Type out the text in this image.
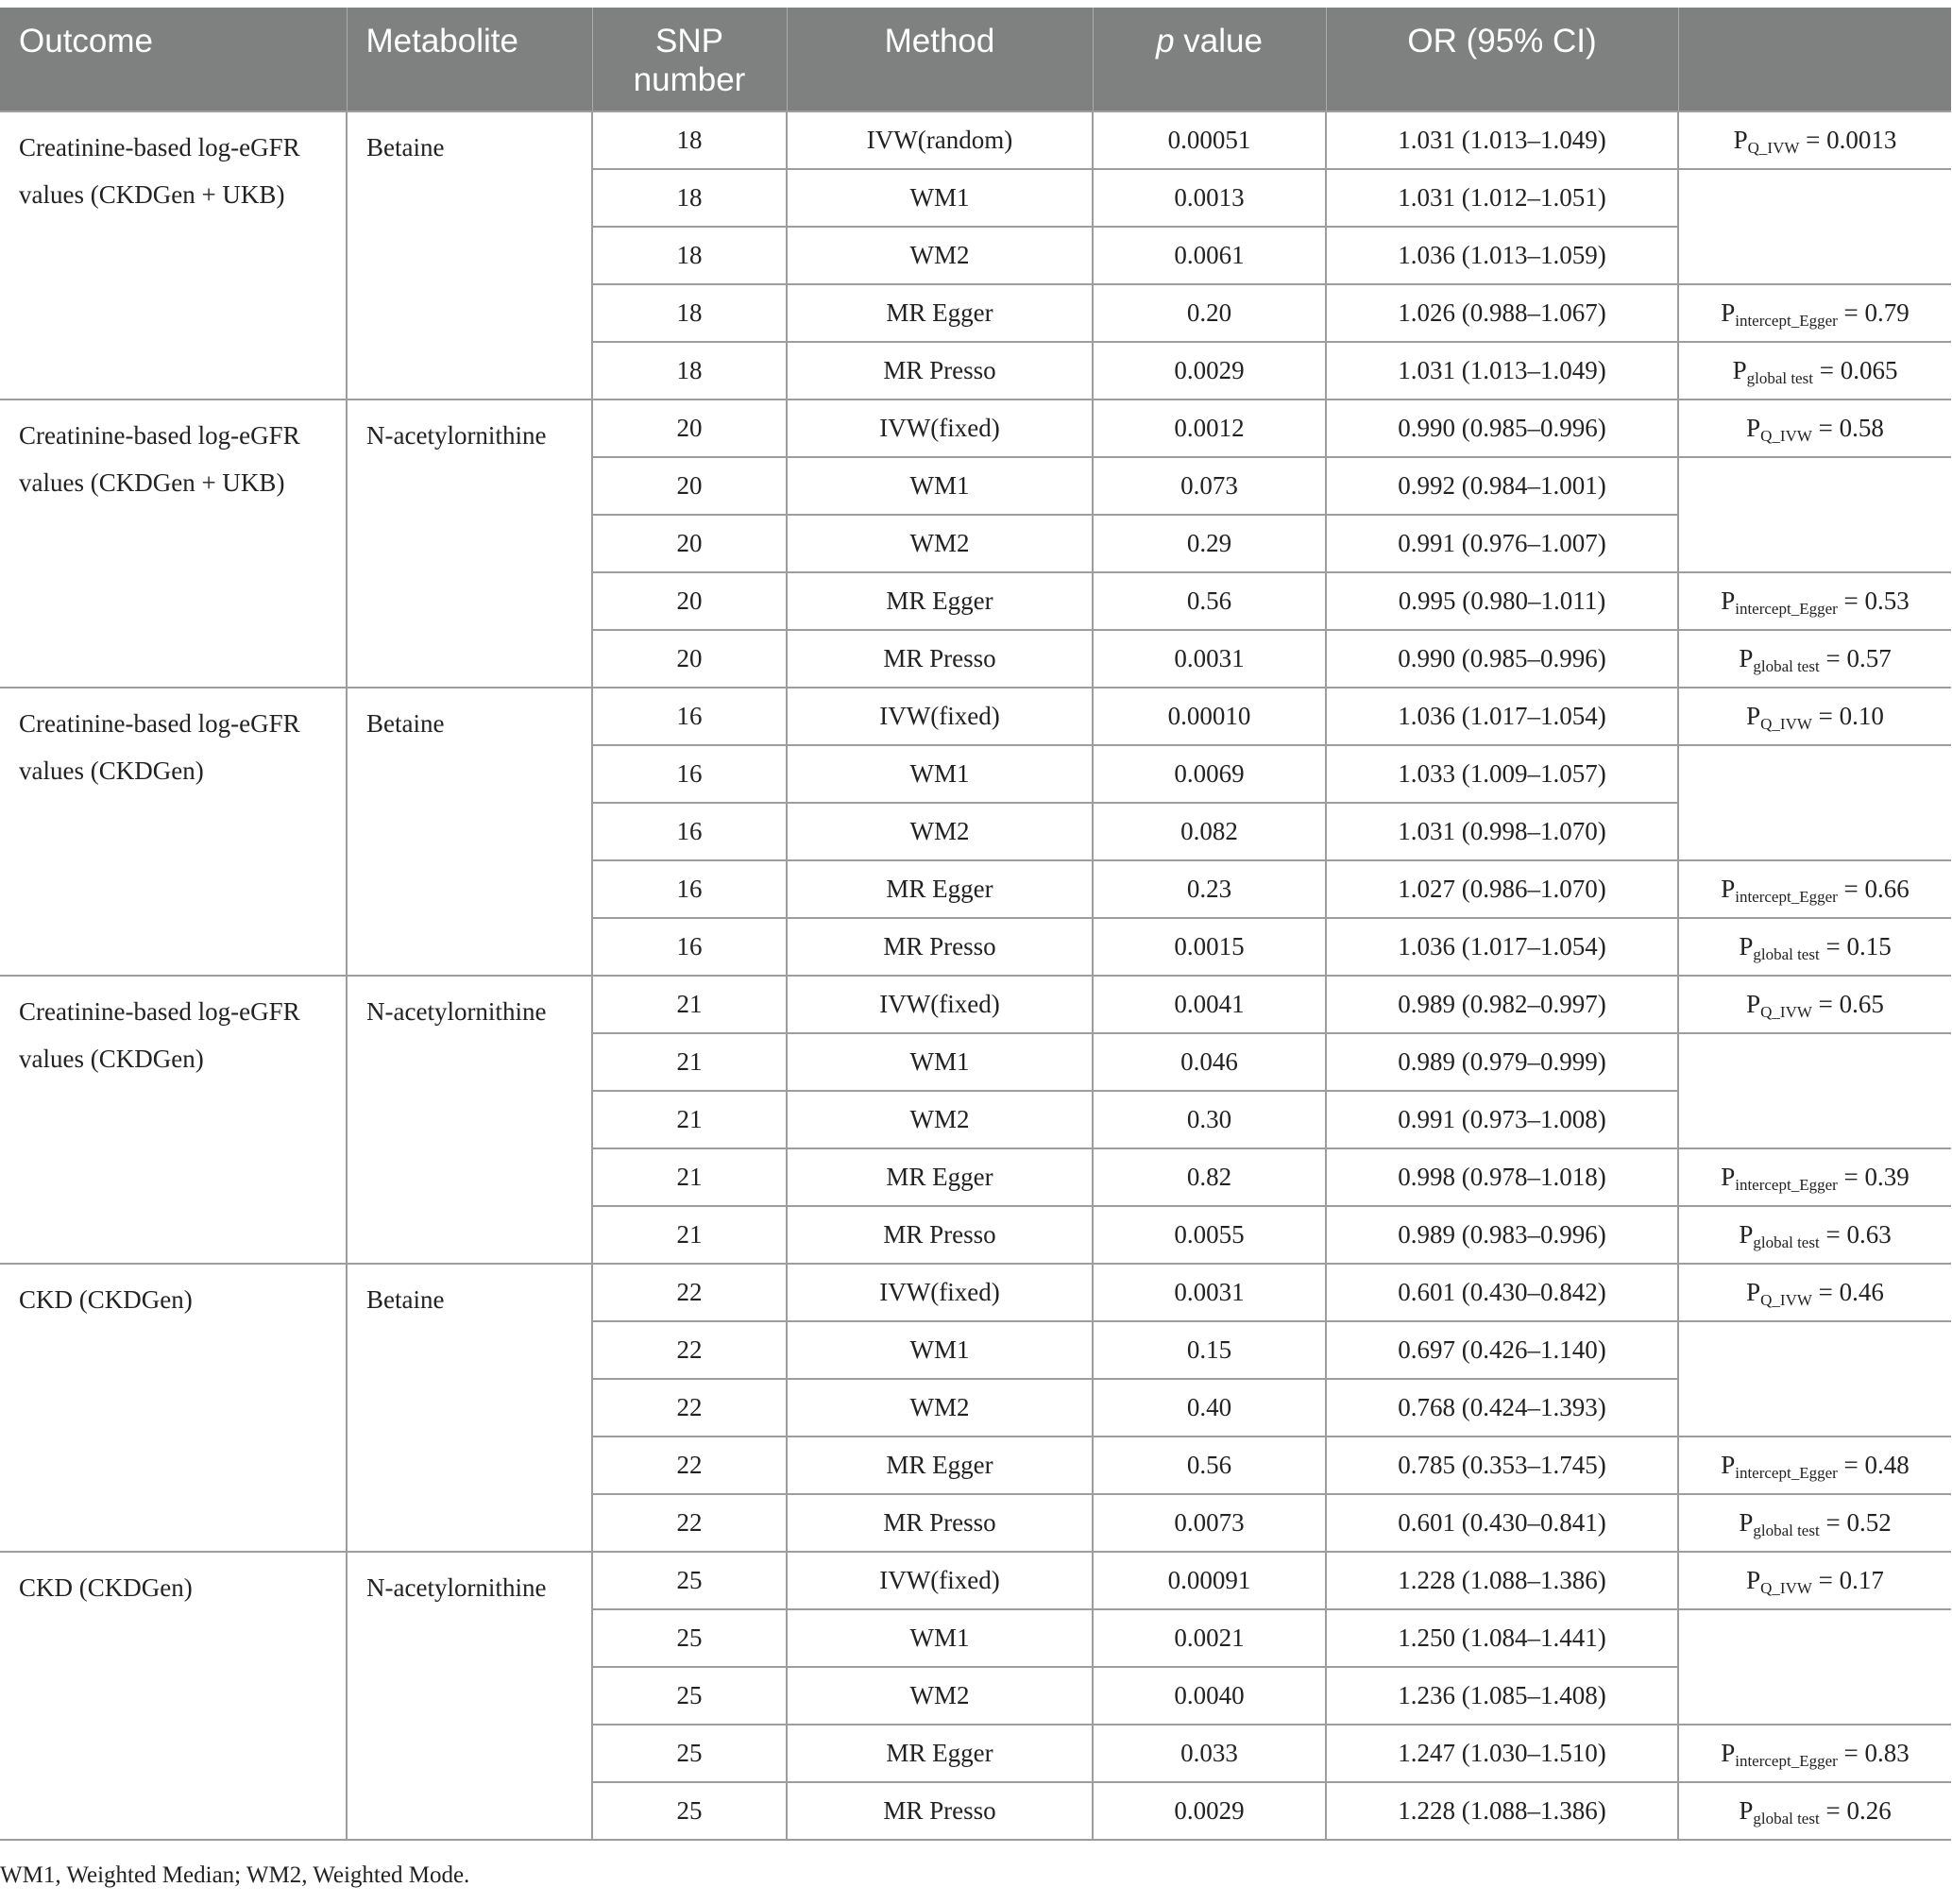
Outcome	Metabolite	SNP
number	Method	p value	OR (95% CI)	
Creatinine-based log-eGFR values (CKDGen + UKB)	Betaine	18	IVW(random)	0.00051	1.031 (1.013–1.049)	$P_{Q\_IVW} = 0.0013$
		18	WM1	0.0013	1.031 (1.012–1.051)	
		18	WM2	0.0061	1.036 (1.013–1.059)	
		18	MR Egger	0.20	1.026 (0.988–1.067)	$P_{intercept\_Egger} = 0.79$
		18	MR Presso	0.0029	1.031 (1.013–1.049)	$P_{global test} = 0.065$
Creatinine-based log-eGFR values (CKDGen + UKB)	N-acetylornithine	20	IVW(fixed)	0.0012	0.990 (0.985–0.996)	$P_{Q\_IVW} = 0.58$
		20	WM1	0.073	0.992 (0.984–1.001)	
		20	WM2	0.29	0.991 (0.976–1.007)	
		20	MR Egger	0.56	0.995 (0.980–1.011)	$P_{intercept\_Egger} = 0.53$
		20	MR Presso	0.0031	0.990 (0.985–0.996)	$P_{global test} = 0.57$
Creatinine-based log-eGFR values (CKDGen)	Betaine	16	IVW(fixed)	0.00010	1.036 (1.017–1.054)	$P_{Q\_IVW} = 0.10$
		16	WM1	0.0069	1.033 (1.009–1.057)	
		16	WM2	0.082	1.031 (0.998–1.070)	
		16	MR Egger	0.23	1.027 (0.986–1.070)	$P_{intercept\_Egger} = 0.66$
		16	MR Presso	0.0015	1.036 (1.017–1.054)	$P_{global test} = 0.15$
Creatinine-based log-eGFR values (CKDGen)	N-acetylornithine	21	IVW(fixed)	0.0041	0.989 (0.982–0.997)	$P_{Q\_IVW} = 0.65$
		21	WM1	0.046	0.989 (0.979–0.999)	
		21	WM2	0.30	0.991 (0.973–1.008)	
		21	MR Egger	0.82	0.998 (0.978–1.018)	$P_{intercept\_Egger} = 0.39$
		21	MR Presso	0.0055	0.989 (0.983–0.996)	$P_{global test} = 0.63$
CKD (CKDGen)	Betaine	22	IVW(fixed)	0.0031	0.601 (0.430–0.842)	$P_{Q\_IVW} = 0.46$
		22	WM1	0.15	0.697 (0.426–1.140)	
		22	WM2	0.40	0.768 (0.424–1.393)	
		22	MR Egger	0.56	0.785 (0.353–1.745)	$P_{intercept\_Egger} = 0.48$
		22	MR Presso	0.0073	0.601 (0.430–0.841)	$P_{global test} = 0.52$
CKD (CKDGen)	N-acetylornithine	25	IVW(fixed)	0.00091	1.228 (1.088–1.386)	$P_{Q\_IVW} = 0.17$
		25	WM1	0.0021	1.250 (1.084–1.441)	
		25	WM2	0.0040	1.236 (1.085–1.408)	
		25	MR Egger	0.033	1.247 (1.030–1.510)	$P_{intercept\_Egger} = 0.83$
		25	MR Presso	0.0029	1.228 (1.088–1.386)	$P_{global test} = 0.26$

WM1, Weighted Median; WM2, Weighted Mode.
